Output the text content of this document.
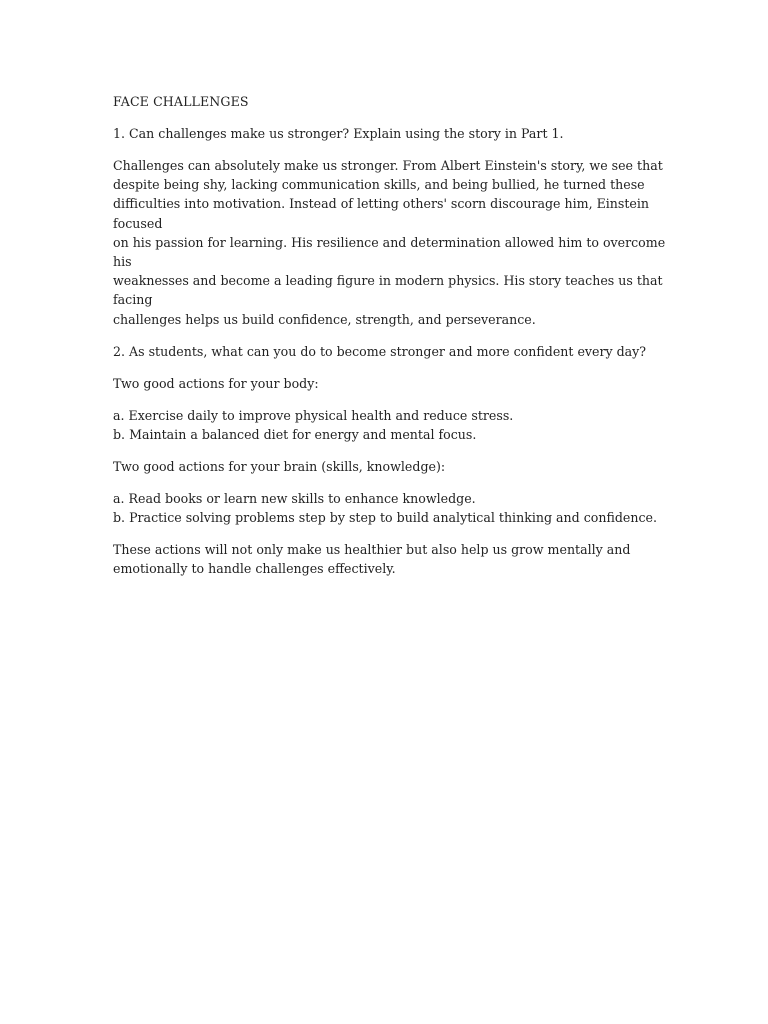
FACE CHALLENGES

1. Can challenges make us stronger? Explain using the story in Part 1.

Challenges can absolutely make us stronger. From Albert Einstein's story, we see that
despite being shy, lacking communication skills, and being bullied, he turned these
difficulties into motivation. Instead of letting others' scorn discourage him, Einstein focused
on his passion for learning. His resilience and determination allowed him to overcome his
weaknesses and become a leading figure in modern physics. His story teaches us that facing
challenges helps us build confidence, strength, and perseverance.

2. As students, what can you do to become stronger and more confident every day?

Two good actions for your body:

a. Exercise daily to improve physical health and reduce stress.
b. Maintain a balanced diet for energy and mental focus.

Two good actions for your brain (skills, knowledge):

a. Read books or learn new skills to enhance knowledge.
b. Practice solving problems step by step to build analytical thinking and confidence.

These actions will not only make us healthier but also help us grow mentally and
emotionally to handle challenges effectively.
